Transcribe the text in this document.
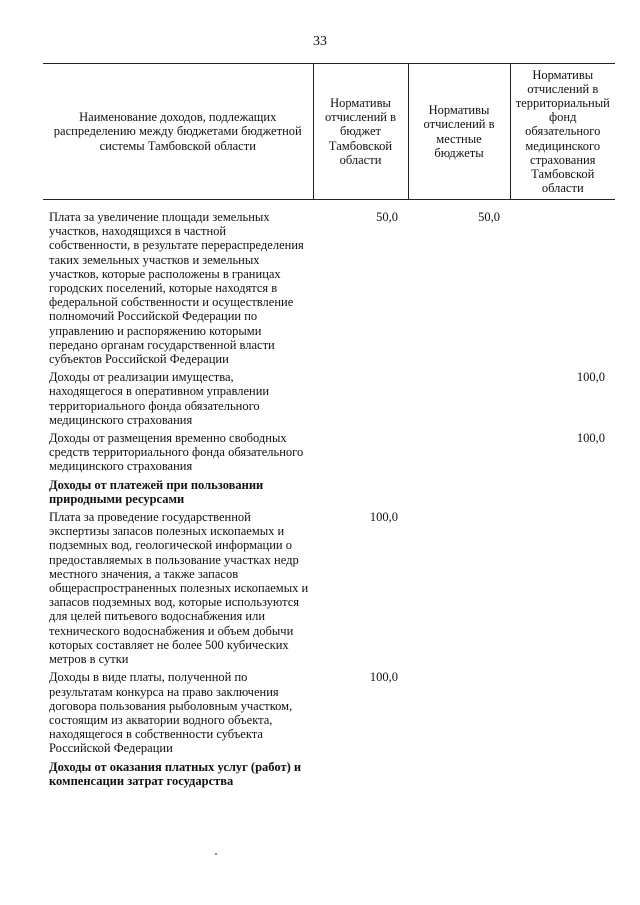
33
Наименование доходов, подлежащих распределению между бюджетами бюджетной системы Тамбовской области	Нормативы отчислений в бюджет Тамбовской области	Нормативы отчислений в местные бюджеты	Нормативы отчислений в территориальный фонд обязательного медицинского страхования Тамбовской области
Плата за увеличение площади земельных участков, находящихся в частной собственности, в результате перераспределения таких земельных участков и земельных участков, которые расположены в границах городских поселений, которые находятся в федеральной собственности и осуществление полномочий Российской Федерации по управлению и распоряжению которыми передано органам государственной власти субъектов Российской Федерации	50,0	50,0	
Доходы от реализации имущества, находящегося в оперативном управлении территориального фонда обязательного медицинского страхования			100,0
Доходы от размещения временно свободных средств территориального фонда обязательного медицинского страхования			100,0
Доходы от платежей при пользовании природными ресурсами			
Плата за проведение государственной экспертизы запасов полезных ископаемых и подземных вод, геологической информации о предоставляемых в пользование участках недр местного значения, а также запасов общераспространенных полезных ископаемых и запасов подземных вод, которые используются для целей питьевого водоснабжения или технического водоснабжения и объем добычи которых составляет не более 500 кубических метров в сутки	100,0		
Доходы в виде платы, полученной по результатам конкурса на право заключения договора пользования рыболовным участком, состоящим из акватории водного объекта, находящегося в собственности субъекта Российской Федерации	100,0		
Доходы от оказания платных услуг (работ) и компенсации затрат государства			
